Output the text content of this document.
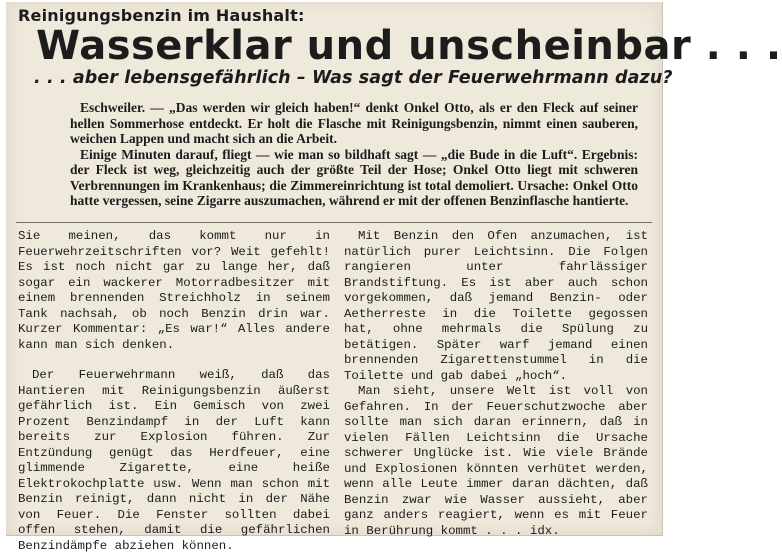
Reinigungsbenzin im Haushalt:
Wasserklar und unscheinbar . . .
. . . aber lebensgefährlich – Was sagt der Feuerwehrmann dazu?

Eschweiler. — „Das werden wir gleich haben!“ denkt Onkel Otto, als er den Fleck auf seiner hellen Sommerhose entdeckt. Er holt die Flasche mit Reinigungsbenzin, nimmt einen sauberen, weichen Lappen und macht sich an die Arbeit.

Einige Minuten darauf, fliegt — wie man so bildhaft sagt — „die Bude in die Luft“. Ergebnis: der Fleck ist weg, gleichzeitig auch der größte Teil der Hose; Onkel Otto liegt mit schweren Verbrennungen im Krankenhaus; die Zimmereinrichtung ist total demoliert. Ursache: Onkel Otto hatte vergessen, seine Zigarre auszumachen, während er mit der offenen Benzinflasche hantierte.

Sie meinen, das kommt nur in Feuerwehrzeitschriften vor? Weit gefehlt! Es ist noch nicht gar zu lange her, daß sogar ein wackerer Motorradbesitzer mit einem brennenden Streichholz in seinem Tank nachsah, ob noch Benzin drin war. Kurzer Kommentar: „Es war!“ Alles andere kann man sich denken.

Der Feuerwehrmann weiß, daß das Hantieren mit Reinigungsbenzin äußerst gefährlich ist. Ein Gemisch von zwei Prozent Benzindampf in der Luft kann bereits zur Explosion führen. Zur Entzündung genügt das Herdfeuer, eine glimmende Zigarette, eine heiße Elektrokochplatte usw. Wenn man schon mit Benzin reinigt, dann nicht in der Nähe von Feuer. Die Fenster sollten dabei offen stehen, damit die gefährlichen Benzindämpfe abziehen können.

Mit Benzin den Ofen anzumachen, ist natürlich purer Leichtsinn. Die Folgen rangieren unter fahrlässiger Brandstiftung. Es ist aber auch schon vorgekommen, daß jemand Benzin- oder Aetherreste in die Toilette gegossen hat, ohne mehrmals die Spülung zu betätigen. Später warf jemand einen brennenden Zigarettenstummel in die Toilette und gab dabei „hoch“.

Man sieht, unsere Welt ist voll von Gefahren. In der Feuerschutzwoche aber sollte man sich daran erinnern, daß in vielen Fällen Leichtsinn die Ursache schwerer Unglücke ist. Wie viele Brände und Explosionen könnten verhütet werden, wenn alle Leute immer daran dächten, daß Benzin zwar wie Wasser aussieht, aber ganz anders reagiert, wenn es mit Feuer in Berührung kommt . . . idx.
